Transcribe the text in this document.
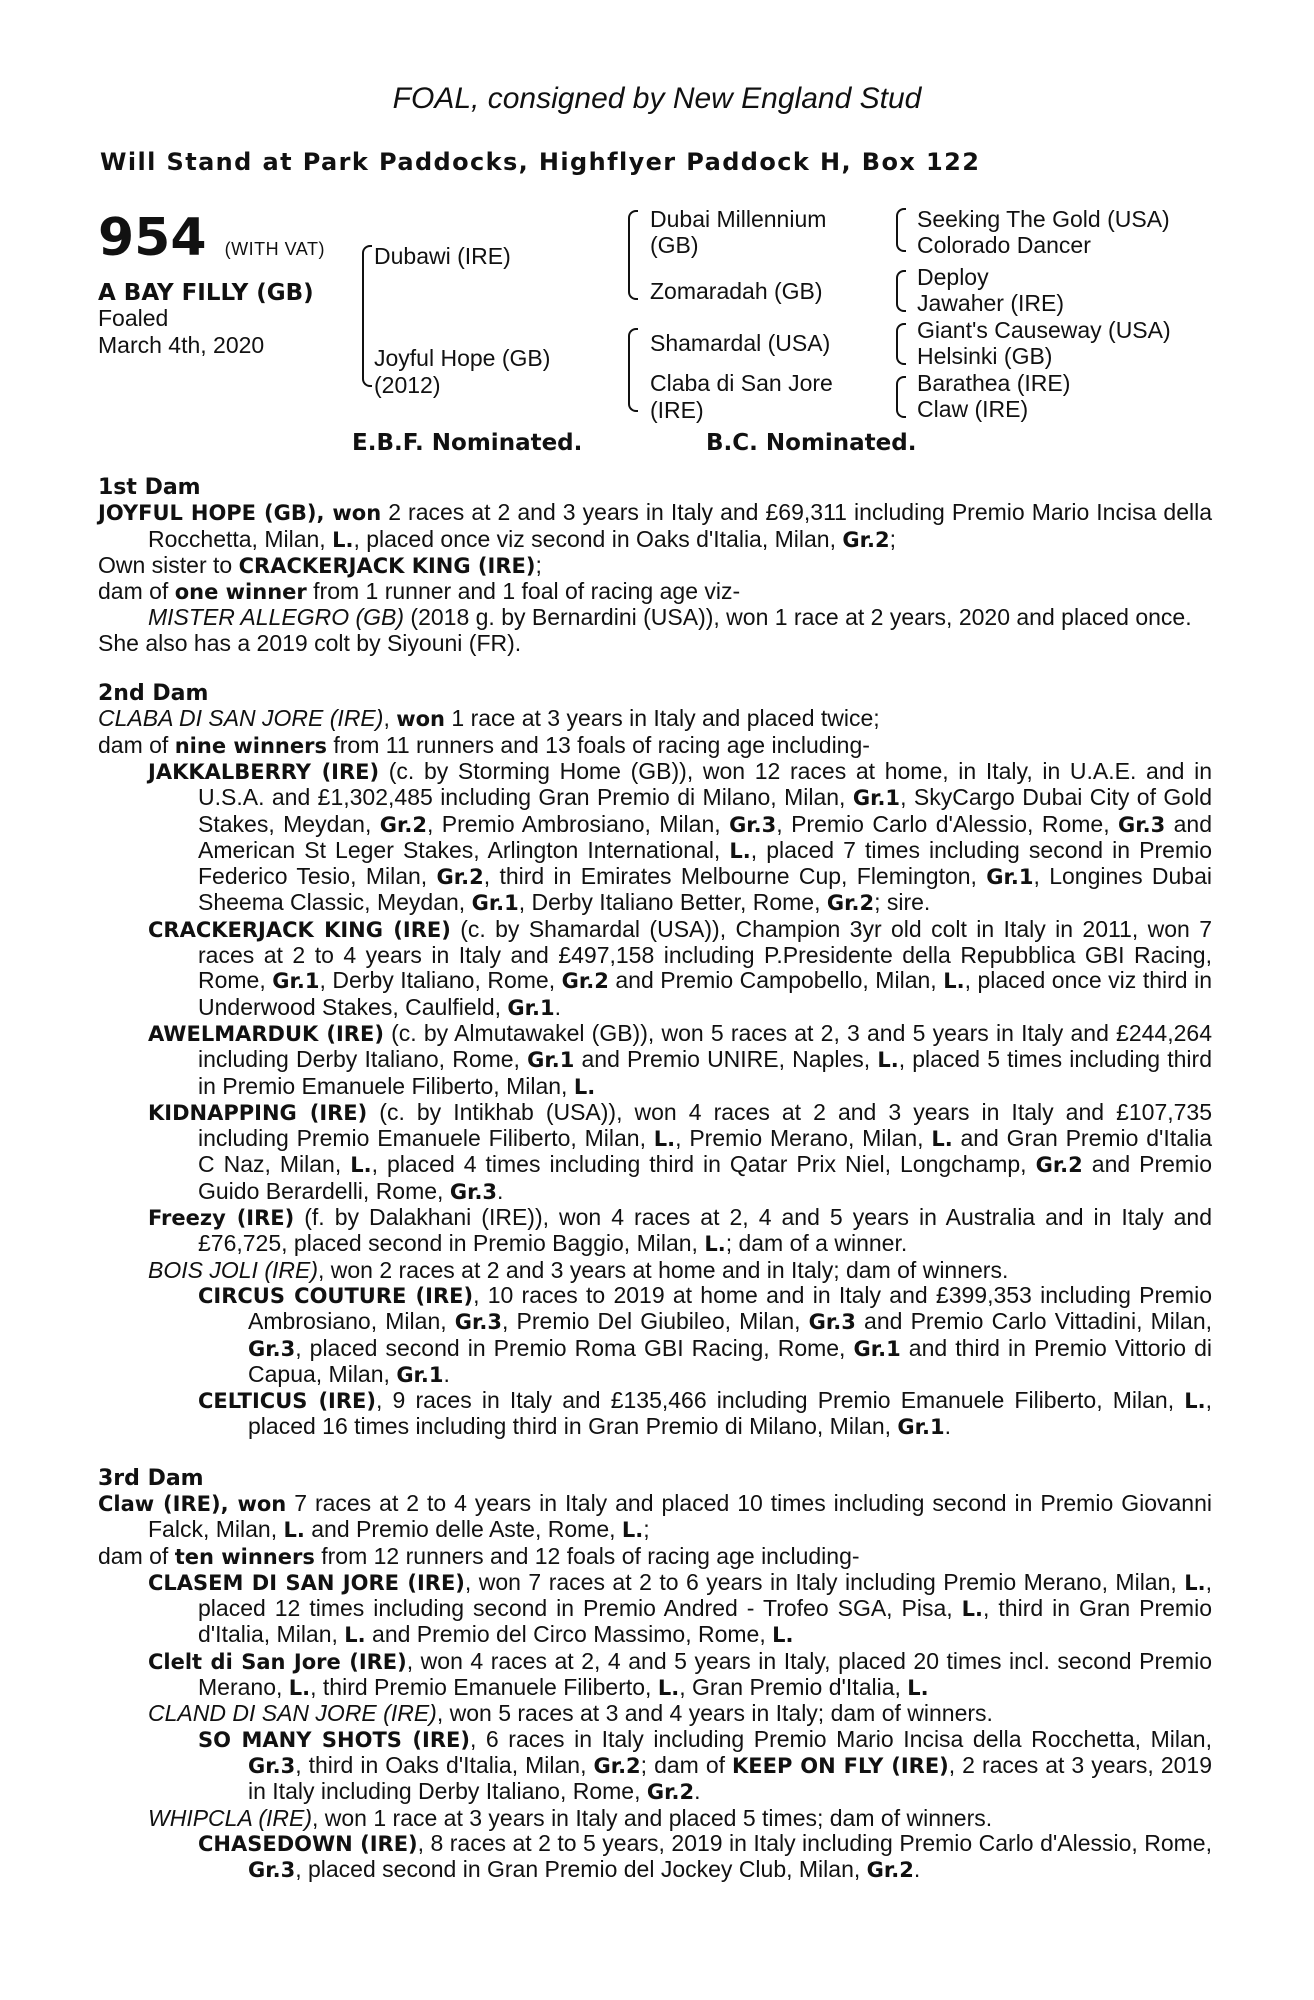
FOAL, consigned by New England Stud
Will Stand at Park Paddocks, Highflyer Paddock H, Box 122
954 (WITH VAT)
A BAY FILLY (GB)
Foaled
March 4th, 2020
Dubawi (IRE)
Joyful Hope (GB)
(2012)
Dubai Millennium
(GB)
Zomaradah (GB)
Shamardal (USA)
Claba di San Jore
(IRE)
Seeking The Gold (USA)
Colorado Dancer
Deploy
Jawaher (IRE)
Giant's Causeway (USA)
Helsinki (GB)
Barathea (IRE)
Claw (IRE)
E.B.F. Nominated.	B.C. Nominated.
1st Dam
JOYFUL HOPE (GB), won 2 races at 2 and 3 years in Italy and £69,311 including Premio Mario Incisa della Rocchetta, Milan, L., placed once viz second in Oaks d'Italia, Milan, Gr.2;
Own sister to CRACKERJACK KING (IRE);
dam of one winner from 1 runner and 1 foal of racing age viz-
MISTER ALLEGRO (GB) (2018 g. by Bernardini (USA)), won 1 race at 2 years, 2020 and placed once.
She also has a 2019 colt by Siyouni (FR).
2nd Dam
CLABA DI SAN JORE (IRE), won 1 race at 3 years in Italy and placed twice;
dam of nine winners from 11 runners and 13 foals of racing age including-
JAKKALBERRY (IRE) (c. by Storming Home (GB)), won 12 races at home, in Italy, in U.A.E. and in U.S.A. and £1,302,485 including Gran Premio di Milano, Milan, Gr.1, SkyCargo Dubai City of Gold Stakes, Meydan, Gr.2, Premio Ambrosiano, Milan, Gr.3, Premio Carlo d'Alessio, Rome, Gr.3 and American St Leger Stakes, Arlington International, L., placed 7 times including second in Premio Federico Tesio, Milan, Gr.2, third in Emirates Melbourne Cup, Flemington, Gr.1, Longines Dubai Sheema Classic, Meydan, Gr.1, Derby Italiano Better, Rome, Gr.2; sire.
CRACKERJACK KING (IRE) (c. by Shamardal (USA)), Champion 3yr old colt in Italy in 2011, won 7 races at 2 to 4 years in Italy and £497,158 including P.Presidente della Repubblica GBI Racing, Rome, Gr.1, Derby Italiano, Rome, Gr.2 and Premio Campobello, Milan, L., placed once viz third in Underwood Stakes, Caulfield, Gr.1.
AWELMARDUK (IRE) (c. by Almutawakel (GB)), won 5 races at 2, 3 and 5 years in Italy and £244,264 including Derby Italiano, Rome, Gr.1 and Premio UNIRE, Naples, L., placed 5 times including third in Premio Emanuele Filiberto, Milan, L.
KIDNAPPING (IRE) (c. by Intikhab (USA)), won 4 races at 2 and 3 years in Italy and £107,735 including Premio Emanuele Filiberto, Milan, L., Premio Merano, Milan, L. and Gran Premio d'Italia C Naz, Milan, L., placed 4 times including third in Qatar Prix Niel, Longchamp, Gr.2 and Premio Guido Berardelli, Rome, Gr.3.
Freezy (IRE) (f. by Dalakhani (IRE)), won 4 races at 2, 4 and 5 years in Australia and in Italy and £76,725, placed second in Premio Baggio, Milan, L.; dam of a winner.
BOIS JOLI (IRE), won 2 races at 2 and 3 years at home and in Italy; dam of winners.
CIRCUS COUTURE (IRE), 10 races to 2019 at home and in Italy and £399,353 including Premio Ambrosiano, Milan, Gr.3, Premio Del Giubileo, Milan, Gr.3 and Premio Carlo Vittadini, Milan, Gr.3, placed second in Premio Roma GBI Racing, Rome, Gr.1 and third in Premio Vittorio di Capua, Milan, Gr.1.
CELTICUS (IRE), 9 races in Italy and £135,466 including Premio Emanuele Filiberto, Milan, L., placed 16 times including third in Gran Premio di Milano, Milan, Gr.1.
3rd Dam
Claw (IRE), won 7 races at 2 to 4 years in Italy and placed 10 times including second in Premio Giovanni Falck, Milan, L. and Premio delle Aste, Rome, L.;
dam of ten winners from 12 runners and 12 foals of racing age including-
CLASEM DI SAN JORE (IRE), won 7 races at 2 to 6 years in Italy including Premio Merano, Milan, L., placed 12 times including second in Premio Andred - Trofeo SGA, Pisa, L., third in Gran Premio d'Italia, Milan, L. and Premio del Circo Massimo, Rome, L.
Clelt di San Jore (IRE), won 4 races at 2, 4 and 5 years in Italy, placed 20 times incl. second Premio Merano, L., third Premio Emanuele Filiberto, L., Gran Premio d'Italia, L.
CLAND DI SAN JORE (IRE), won 5 races at 3 and 4 years in Italy; dam of winners.
SO MANY SHOTS (IRE), 6 races in Italy including Premio Mario Incisa della Rocchetta, Milan, Gr.3, third in Oaks d'Italia, Milan, Gr.2; dam of KEEP ON FLY (IRE), 2 races at 3 years, 2019 in Italy including Derby Italiano, Rome, Gr.2.
WHIPCLA (IRE), won 1 race at 3 years in Italy and placed 5 times; dam of winners.
CHASEDOWN (IRE), 8 races at 2 to 5 years, 2019 in Italy including Premio Carlo d'Alessio, Rome, Gr.3, placed second in Gran Premio del Jockey Club, Milan, Gr.2.
